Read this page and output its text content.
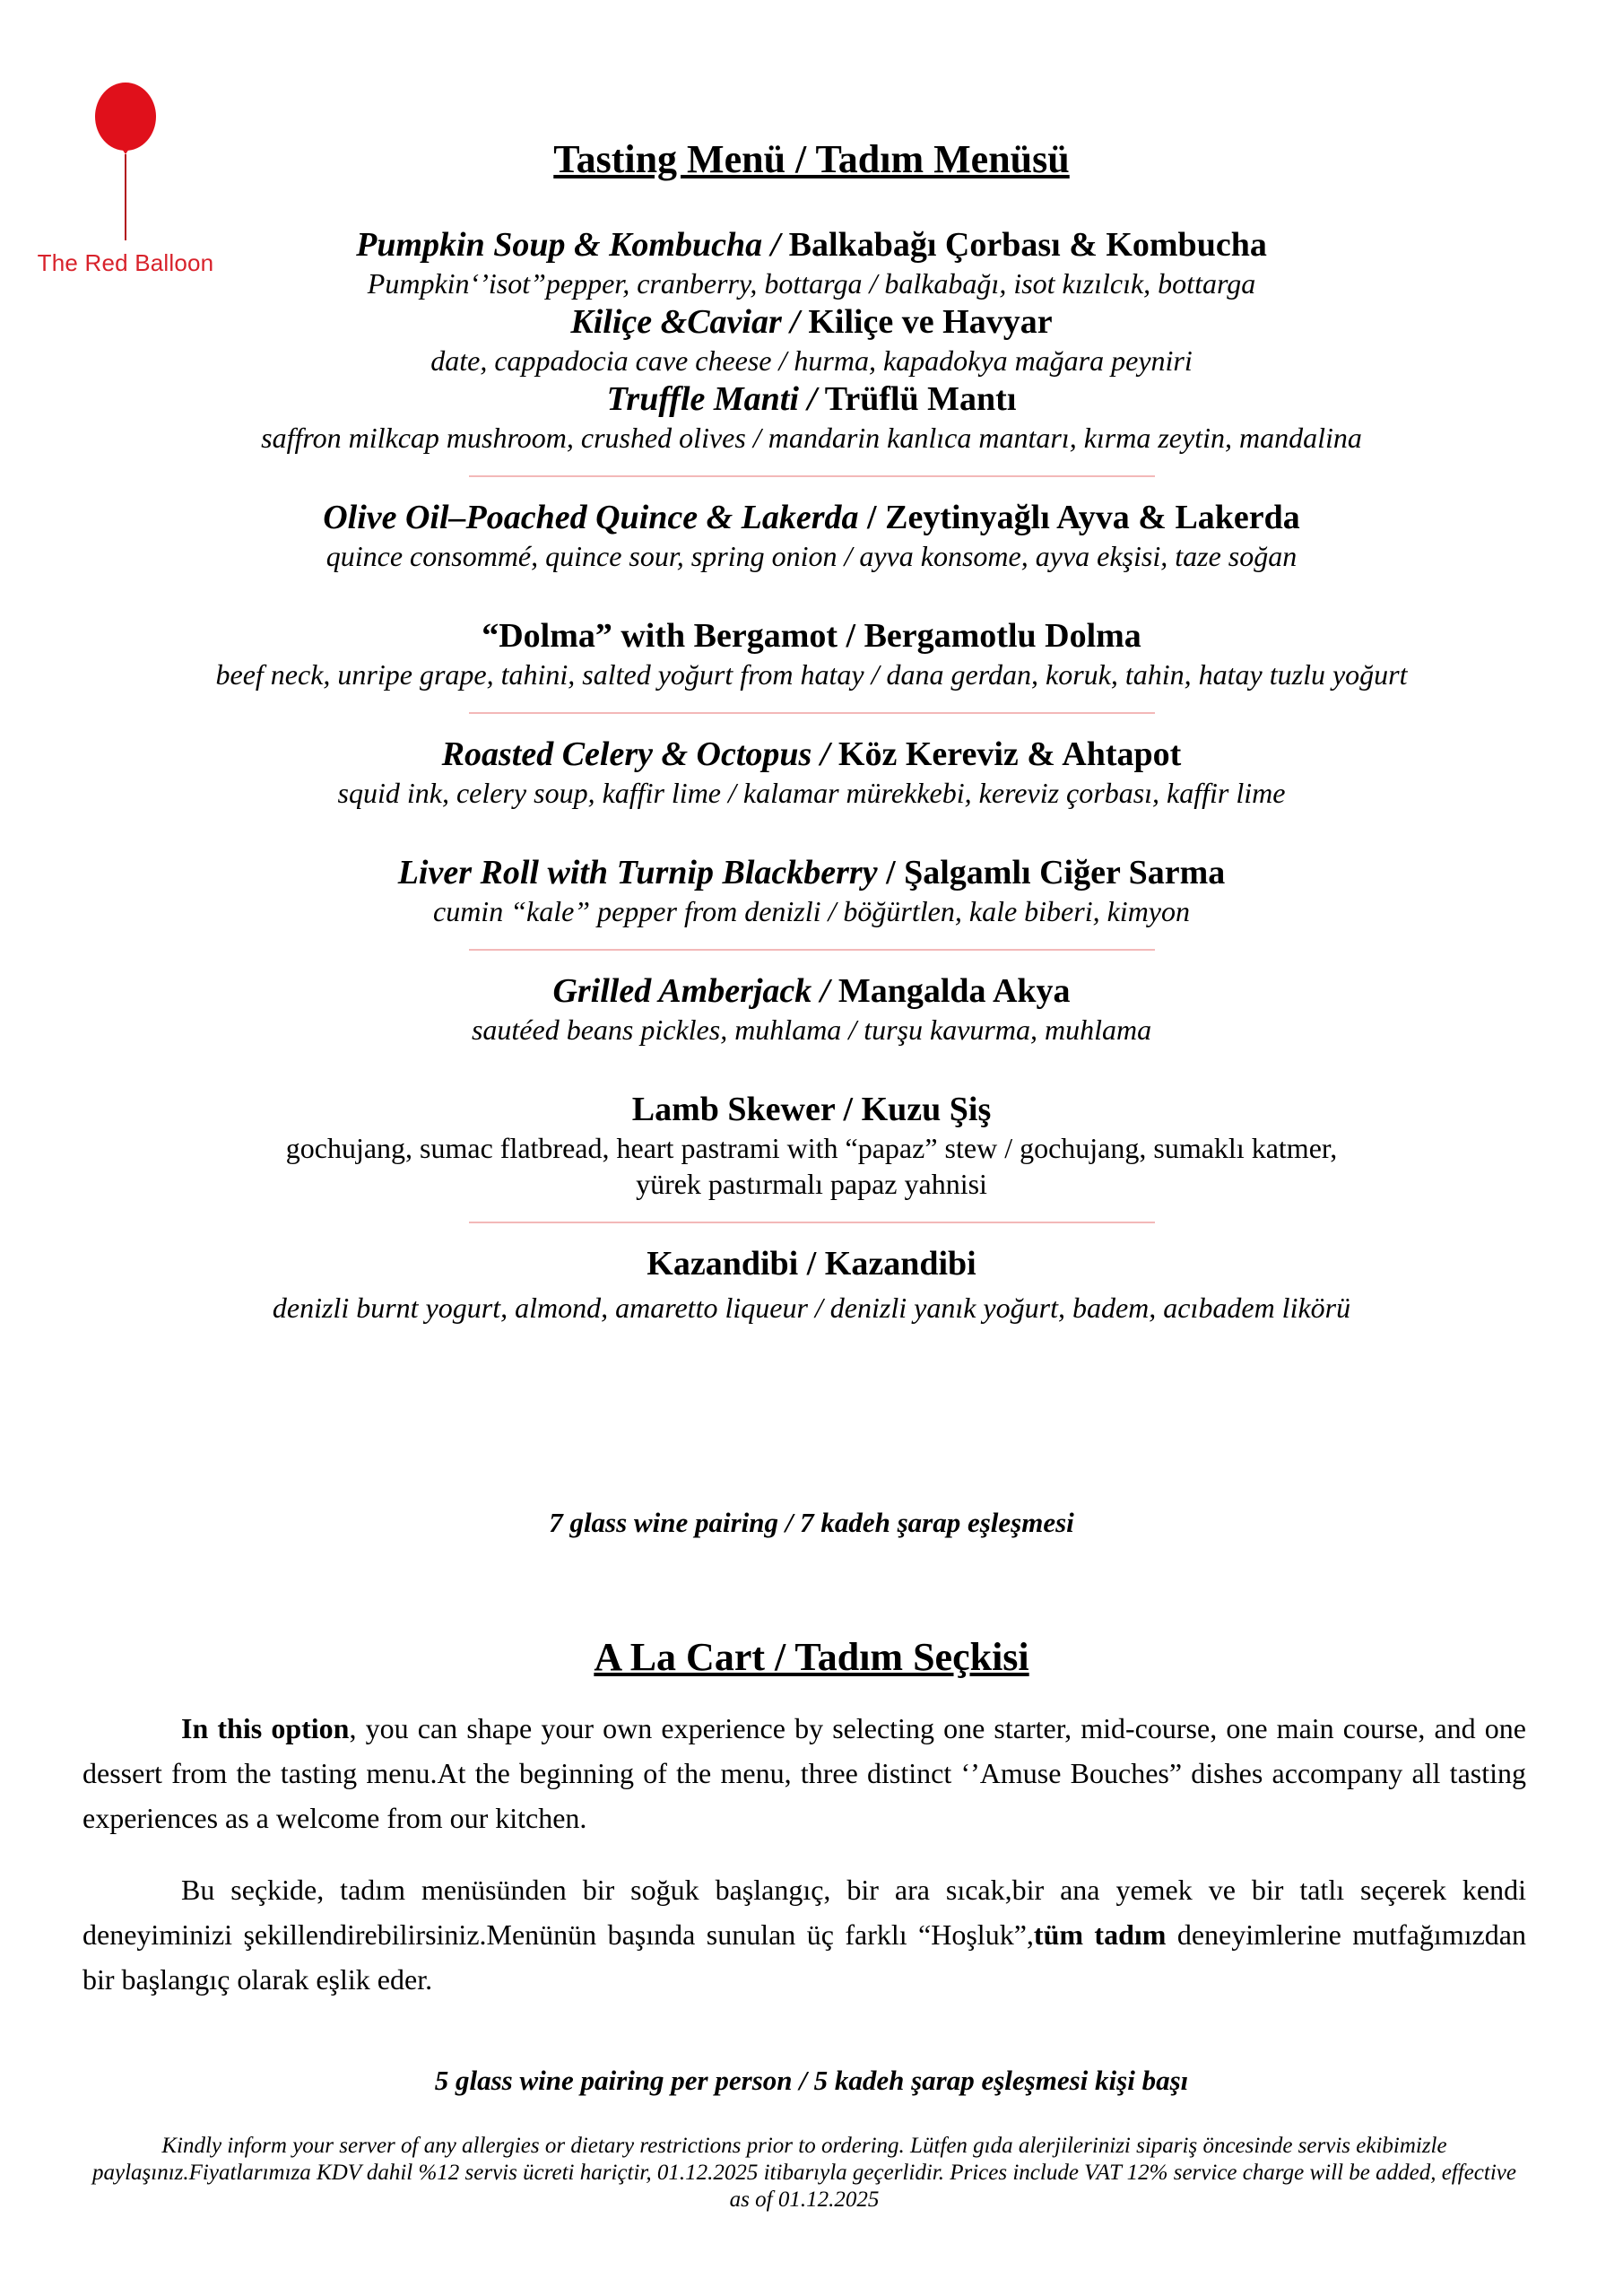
The Red Balloon
Tasting Menü / Tadım Menüsü
Pumpkin Soup & Kombucha / Balkabağı Çorbası & Kombucha
Pumpkin‘’isot”pepper, cranberry, bottarga / balkabağı, isot kızılcık, bottarga
Kiliçe &Caviar / Kiliçe ve Havyar
date, cappadocia cave cheese / hurma, kapadokya mağara peyniri
Truffle Manti / Trüflü Mantı
saffron milkcap mushroom, crushed olives / mandarin kanlıca mantarı, kırma zeytin, mandalina
Olive Oil–Poached Quince & Lakerda / Zeytinyağlı Ayva & Lakerda
quince consommé, quince sour, spring onion / ayva konsome, ayva ekşisi, taze soğan
“Dolma” with Bergamot / Bergamotlu Dolma
beef neck, unripe grape, tahini, salted yoğurt from hatay / dana gerdan, koruk, tahin, hatay tuzlu yoğurt
Roasted Celery & Octopus / Köz Kereviz & Ahtapot
squid ink, celery soup, kaffir lime / kalamar mürekkebi, kereviz çorbası, kaffir lime
Liver Roll with Turnip Blackberry / Şalgamlı Ciğer Sarma
cumin “kale” pepper from denizli / böğürtlen, kale biberi, kimyon
Grilled Amberjack / Mangalda Akya
sautéed beans pickles, muhlama / turşu kavurma, muhlama
Lamb Skewer / Kuzu Şiş
gochujang, sumac flatbread, heart pastrami with “papaz” stew / gochujang, sumaklı katmer, yürek pastırmalı papaz yahnisi
Kazandibi / Kazandibi
denizli burnt yogurt, almond, amaretto liqueur / denizli yanık yoğurt, badem, acıbadem likörü
7 glass wine pairing / 7 kadeh şarap eşleşmesi
A La Cart / Tadım Seçkisi
In this option, you can shape your own experience by selecting one starter, mid-course, one main course, and one dessert from the tasting menu.At the beginning of the menu, three distinct ‘’Amuse Bouches” dishes accompany all tasting experiences as a welcome from our kitchen.
Bu seçkide, tadım menüsünden bir soğuk başlangıç, bir ara sıcak,bir ana yemek ve bir tatlı seçerek kendi deneyiminizi şekillendirebilirsiniz.Menünün başında sunulan üç farklı “Hoşluk”,tüm tadım deneyimlerine mutfağımızdan bir başlangıç olarak eşlik eder.
5 glass wine pairing per person / 5 kadeh şarap eşleşmesi kişi başı
Kindly inform your server of any allergies or dietary restrictions prior to ordering. Lütfen gıda alerjilerinizi sipariş öncesinde servis ekibimizle paylaşınız.Fiyatlarımıza KDV dahil %12 servis ücreti hariçtir, 01.12.2025 itibarıyla geçerlidir. Prices include VAT 12% service charge will be added, effective as of 01.12.2025
